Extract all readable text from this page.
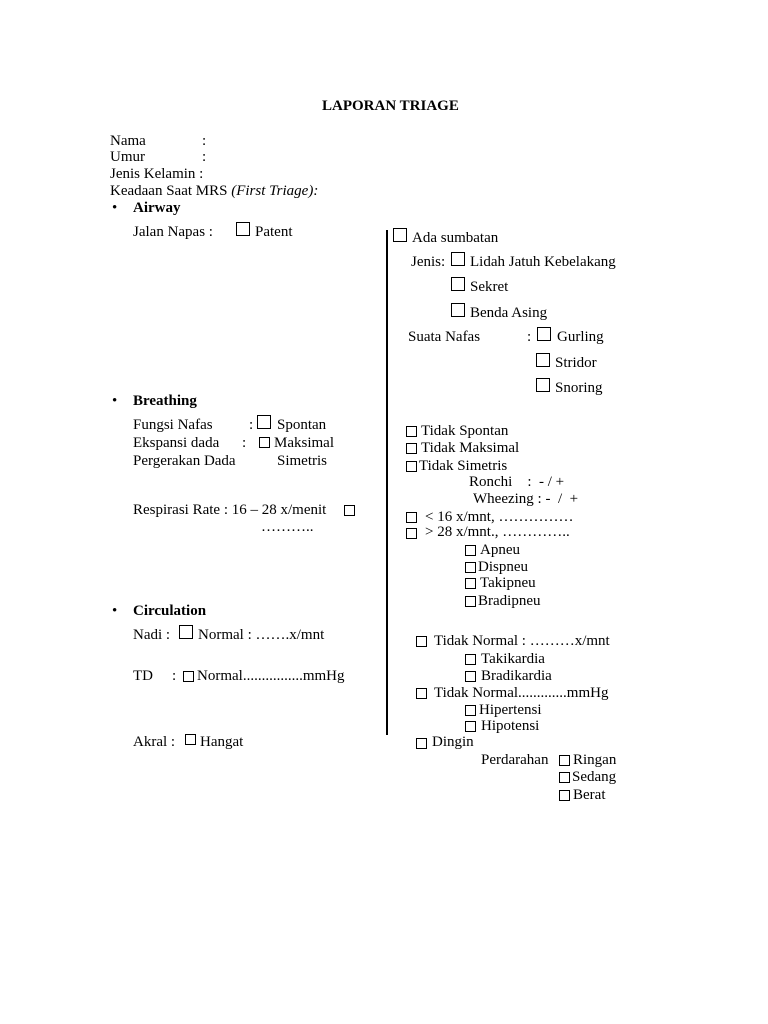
LAPORAN TRIAGE
Nama	:
Umur	:
Jenis Kelamin :
Keadaan Saat MRS (First Triage):
• Airway
Jalan Napas :	Patent	Ada sumbatan
Jenis: Lidah Jatuh Kebelakang
Sekret
Benda Asing
Suata Nafas	: Gurling
Stridor
Snoring
• Breathing
Fungsi Nafas : Spontan
Ekspansi dada : Maksimal
Pergerakan Dada	Simetris
Tidak Spontan
Tidak Maksimal
Tidak Simetris
Ronchi    :  - / +
Wheezing : -  /  +
Respirasi Rate : 16 – 28 x/menit
………..
< 16 x/mnt, ……………
> 28 x/mnt., …………..
Apneu
Dispneu
Takipneu
Bradipneu
• Circulation
Nadi : Normal : …….x/mnt	Tidak Normal : ………x/mnt
Takikardia
Bradikardia
TD : Normal................mmHg
Tidak Normal.............mmHg
Hipertensi
Hipotensi
Akral : Hangat	Dingin
Perdarahan Ringan
Sedang
Berat
